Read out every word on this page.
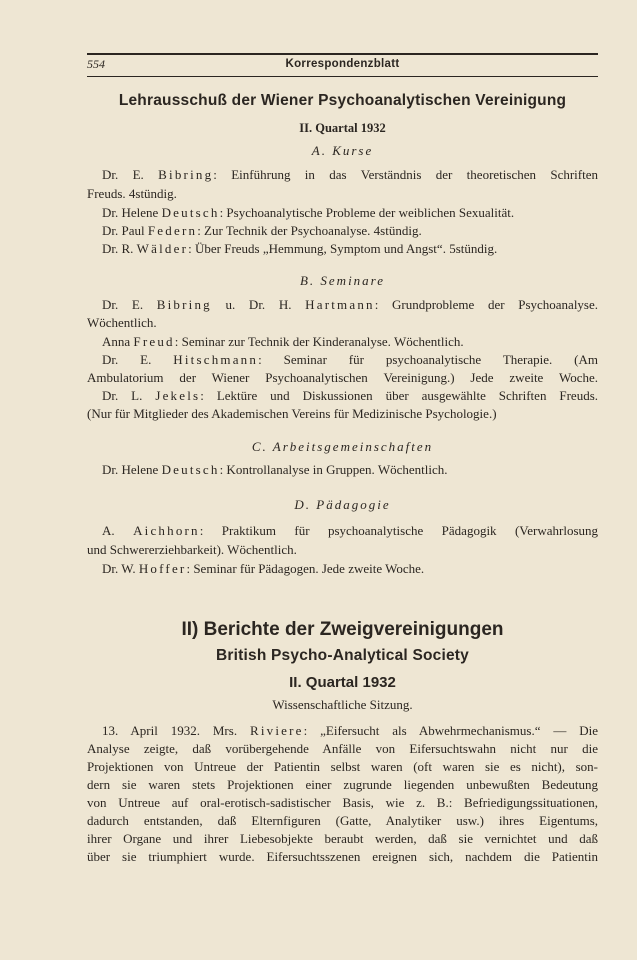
554	Korrespondenzblatt
Lehrausschuß der Wiener Psychoanalytischen Vereinigung
II. Quartal 1932
A. Kurse
Dr. E. Bibring: Einführung in das Verständnis der theoretischen Schriften
Freuds. 4stündig.
Dr. Helene Deutsch: Psychoanalytische Probleme der weiblichen Sexualität.
Dr. Paul Federn: Zur Technik der Psychoanalyse. 4stündig.
Dr. R. Wälder: Über Freuds „Hemmung, Symptom und Angst“. 5stündig.
B. Seminare
Dr. E. Bibring u. Dr. H. Hartmann: Grundprobleme der Psychoanalyse.
Wöchentlich.
Anna Freud: Seminar zur Technik der Kinderanalyse. Wöchentlich.
Dr. E. Hitschmann: Seminar für psychoanalytische Therapie. (Am
Ambulatorium der Wiener Psychoanalytischen Vereinigung.) Jede zweite Woche.
Dr. L. Jekels: Lektüre und Diskussionen über ausgewählte Schriften Freuds.
(Nur für Mitglieder des Akademischen Vereins für Medizinische Psychologie.)
C. Arbeitsgemeinschaften
Dr. Helene Deutsch: Kontrollanalyse in Gruppen. Wöchentlich.
D. Pädagogie
A. Aichhorn: Praktikum für psychoanalytische Pädagogik (Verwahrlosung
und Schwererziehbarkeit). Wöchentlich.
Dr. W. Hoffer: Seminar für Pädagogen. Jede zweite Woche.
II) Berichte der Zweigvereinigungen
British Psycho-Analytical Society
II. Quartal 1932
Wissenschaftliche Sitzung.
13. April 1932. Mrs. Riviere: „Eifersucht als Abwehrmechanismus.“ — Die
Analyse zeigte, daß vorübergehende Anfälle von Eifersuchtswahn nicht nur die
Projektionen von Untreue der Patientin selbst waren (oft waren sie es nicht), son-
dern sie waren stets Projektionen einer zugrunde liegenden unbewußten Bedeutung
von Untreue auf oral-erotisch-sadistischer Basis, wie z. B.: Befriedigungssituationen,
dadurch entstanden, daß Elternfiguren (Gatte, Analytiker usw.) ihres Eigentums,
ihrer Organe und ihrer Liebesobjekte beraubt werden, daß sie vernichtet und daß
über sie triumphiert wurde. Eifersuchtsszenen ereignen sich, nachdem die Patientin
